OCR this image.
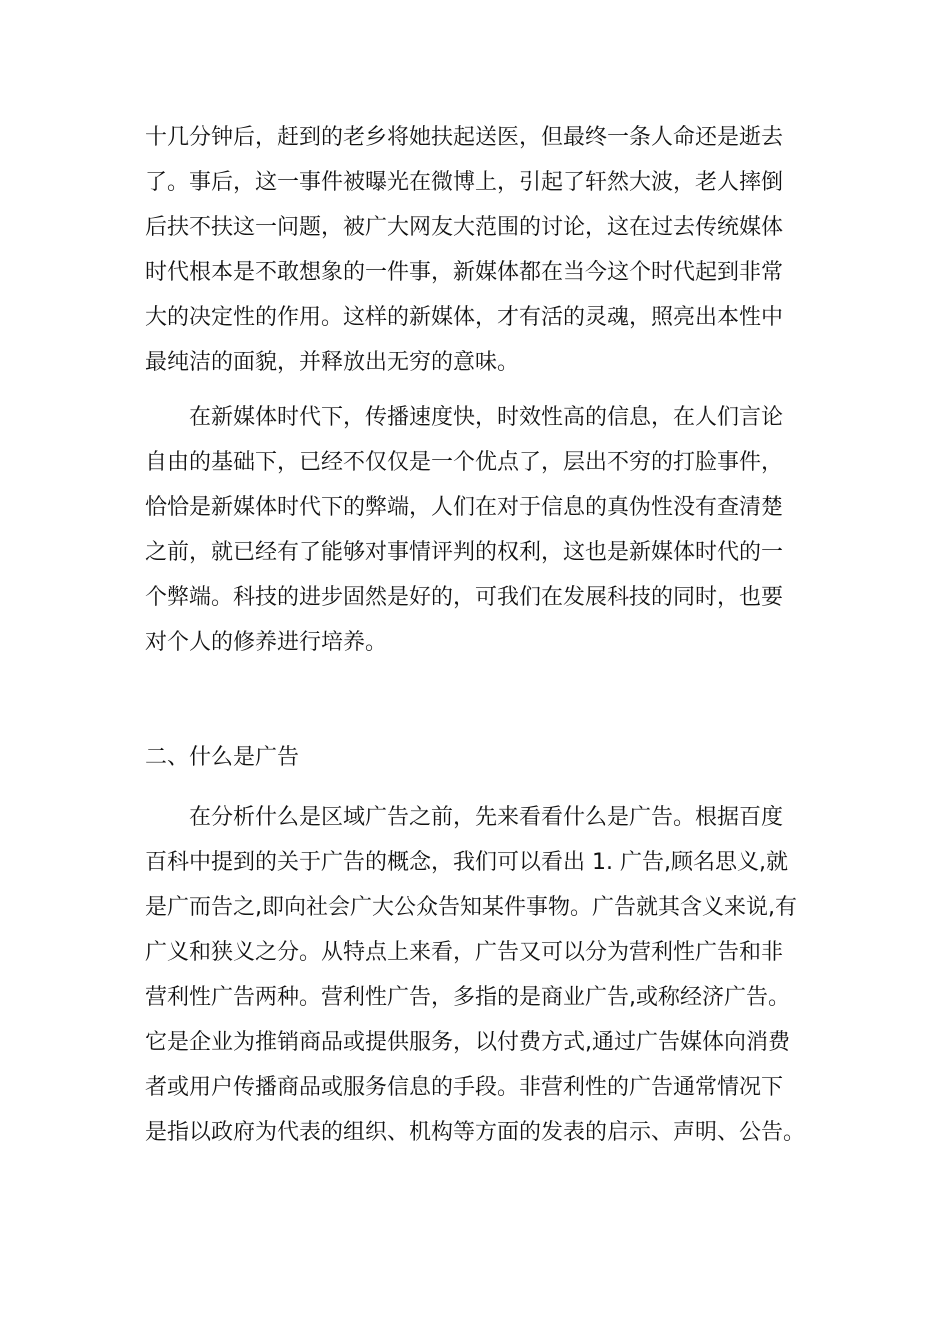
十几分钟后，赶到的老乡将她扶起送医，但最终一条人命还是逝去
了。事后，这一事件被曝光在微博上，引起了轩然大波，老人摔倒
后扶不扶这一问题，被广大网友大范围的讨论，这在过去传统媒体
时代根本是不敢想象的一件事，新媒体都在当今这个时代起到非常
大的决定性的作用。这样的新媒体，才有活的灵魂，照亮出本性中
最纯洁的面貌，并释放出无穷的意味。
在新媒体时代下，传播速度快，时效性高的信息，在人们言论
自由的基础下，已经不仅仅是一个优点了，层出不穷的打脸事件，
恰恰是新媒体时代下的弊端，人们在对于信息的真伪性没有查清楚
之前，就已经有了能够对事情评判的权利，这也是新媒体时代的一
个弊端。科技的进步固然是好的，可我们在发展科技的同时，也要
对个人的修养进行培养。
二、什么是广告
在分析什么是区域广告之前，先来看看什么是广告。根据百度
百科中提到的关于广告的概念，我们可以看出 1. 广告,顾名思义,就
是广而告之,即向社会广大公众告知某件事物。广告就其含义来说,有
广义和狭义之分。从特点上来看，广告又可以分为营利性广告和非
营利性广告两种。营利性广告，多指的是商业广告,或称经济广告。
它是企业为推销商品或提供服务，以付费方式,通过广告媒体向消费
者或用户传播商品或服务信息的手段。非营利性的广告通常情况下
是指以政府为代表的组织、机构等方面的发表的启示、声明、公告。
